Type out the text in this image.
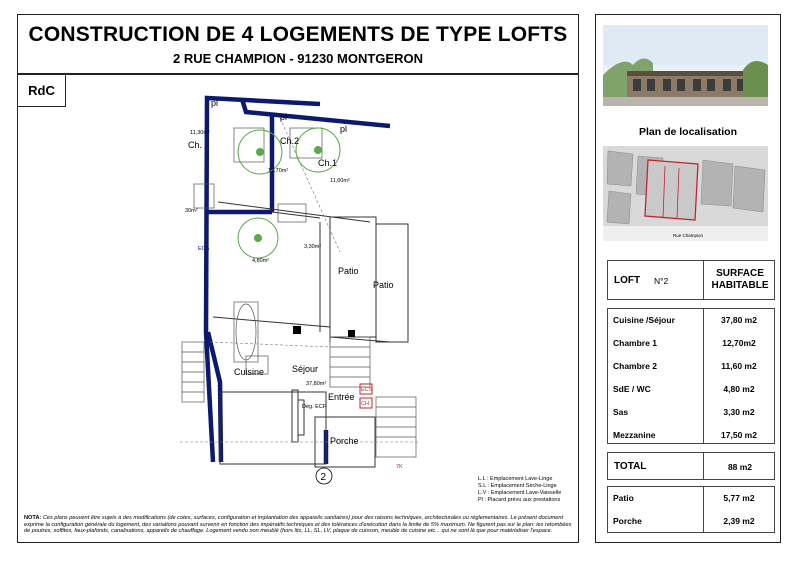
CONSTRUCTION DE 4 LOGEMENTS DE TYPE LOFTS
2 RUE CHAMPION - 91230 MONTGERON
RdC
pl
pl
pl
Ch.2
Ch.1
Ch.
Cuisine
Patio
Patio
Séjour
Entrée
Porche
12,70m²
11,60m²
11,30m²
30m²
4,80m²
3,30m²
37,80m²
Dég. ECF
ECS
ECS
CH
7K
2	L.L : Emplacement Lave-Linge
S.L : Emplacement Sèche-Linge
L.V : Emplacement Lave-Vaisselle
Pl : Placard prévu aux prestations
NOTA: Ces plans peuvent être sujets à des modifications (de cotes, surfaces, configuration et implantation des appareils sanitaires) pour des raisons techniques, architecturales ou réglementaires. Le présent document exprime la configuration générale du logement, des variations pouvant survenir en fonction des impératifs techniques et des tolérances d'exécution dans la limite de 5% maximum. Ne figurent pas sur le plan: les retombées de poutres, soffites, faux-plafonds, canalisations, appareils de chauffage. Logement vendu non meublé (hors lits, LL, SL, LV, plaque de cuisson, meuble de cuisine etc... qui ne sont là que pour matérialiser l'espace.
Plan de localisation
Rue Champion
LOFT N°2
SURFACE
HABITABLE
Cuisine /Séjour	37,80 m2
Chambre 1	12,70m2
Chambre 2	11,60 m2
SdE / WC	4,80 m2
Sas	3,30 m2
Mezzanine	17,50 m2
TOTAL	88 m2
Patio	5,77 m2
Porche	2,39 m2
